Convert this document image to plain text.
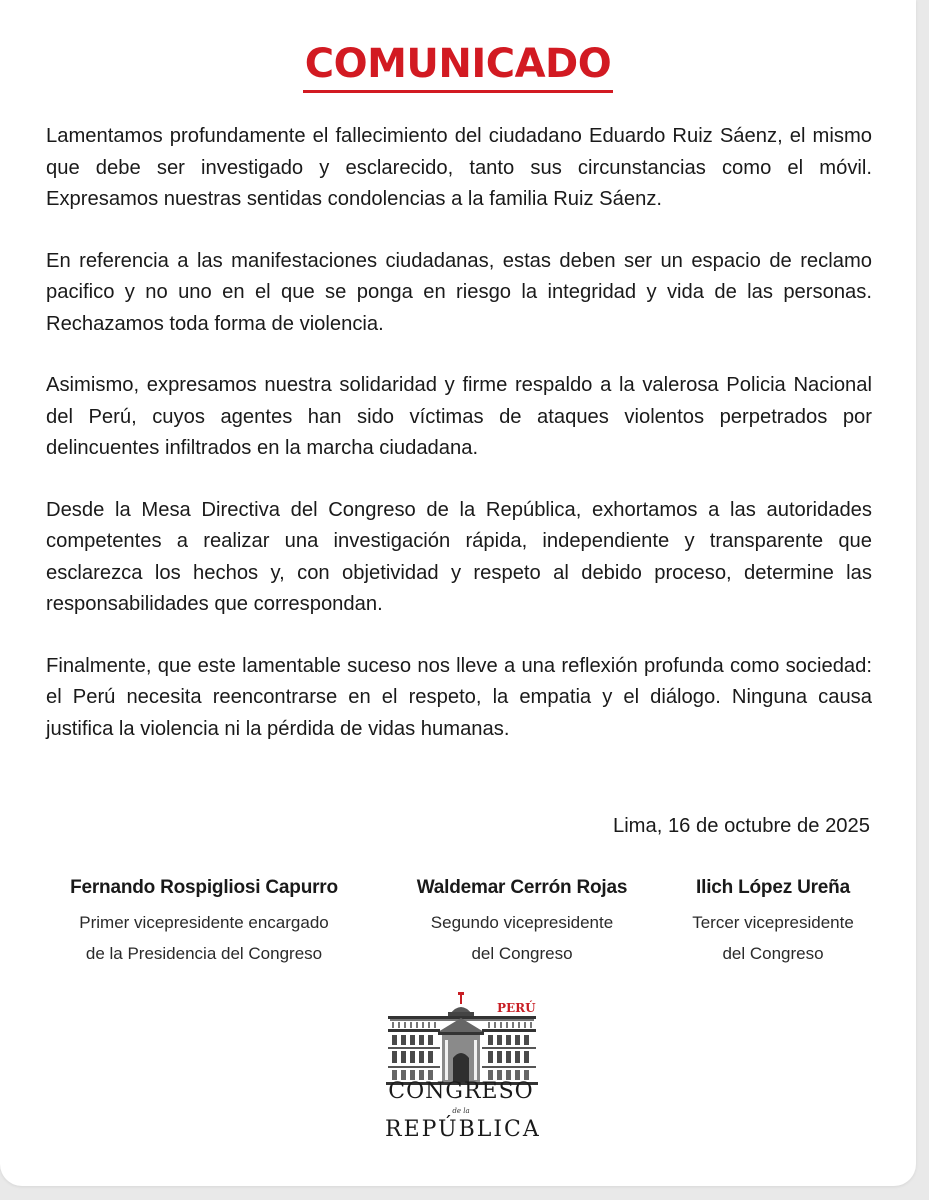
COMUNICADO

Lamentamos profundamente el fallecimiento del ciudadano Eduardo Ruiz Sáenz, el mismo que debe ser investigado y esclarecido, tanto sus circunstancias como el móvil. Expresamos nuestras sentidas condolencias a la familia Ruiz Sáenz.

En referencia a las manifestaciones ciudadanas, estas deben ser un espacio de reclamo pacifico y no uno en el que se ponga en riesgo la integridad y vida de las personas. Rechazamos toda forma de violencia.

Asimismo, expresamos nuestra solidaridad y firme respaldo a la valerosa Policia Nacional del Perú, cuyos agentes han sido víctimas de ataques violentos perpetrados por delincuentes infiltrados en la marcha ciudadana.

Desde la Mesa Directiva del Congreso de la República, exhortamos a las autoridades competentes a realizar una investigación rápida, independiente y transparente que esclarezca los hechos y, con objetividad y respeto al debido proceso, determine las responsabilidades que correspondan.

Finalmente, que este lamentable suceso nos lleve a una reflexión profunda como sociedad: el Perú necesita reencontrarse en el respeto, la empatia y el diálogo. Ninguna causa justifica la violencia ni la pérdida de vidas humanas.

Lima, 16 de octubre de 2025
Fernando Rospigliosi Capurro
Primer vicepresidente encargado
de la Presidencia del Congreso
Waldemar Cerrón Rojas
Segundo vicepresidente
del Congreso
Ilich López Ureña
Tercer vicepresidente
del Congreso
PERÚ
CONGRESO
de la
REPÚBLICA
